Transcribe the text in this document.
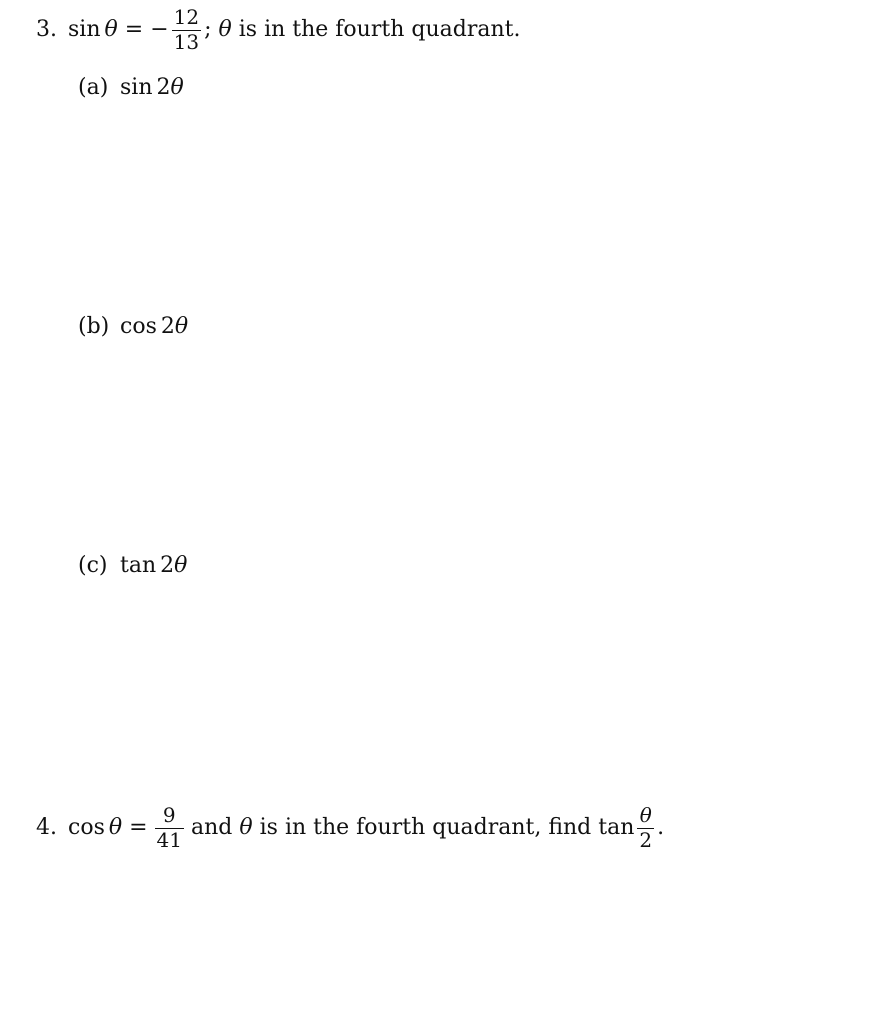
3. sin θ = − $\frac{12}{13}$ ; θ is in the fourth quadrant.
(a) sin 2 θ
(b) cos 2 θ
(c) tan 2 θ
4. $\cos \theta = \frac{9}{41}$ and θ is in the fourth quadrant, find $\tan \frac{\theta}{2}$ .
